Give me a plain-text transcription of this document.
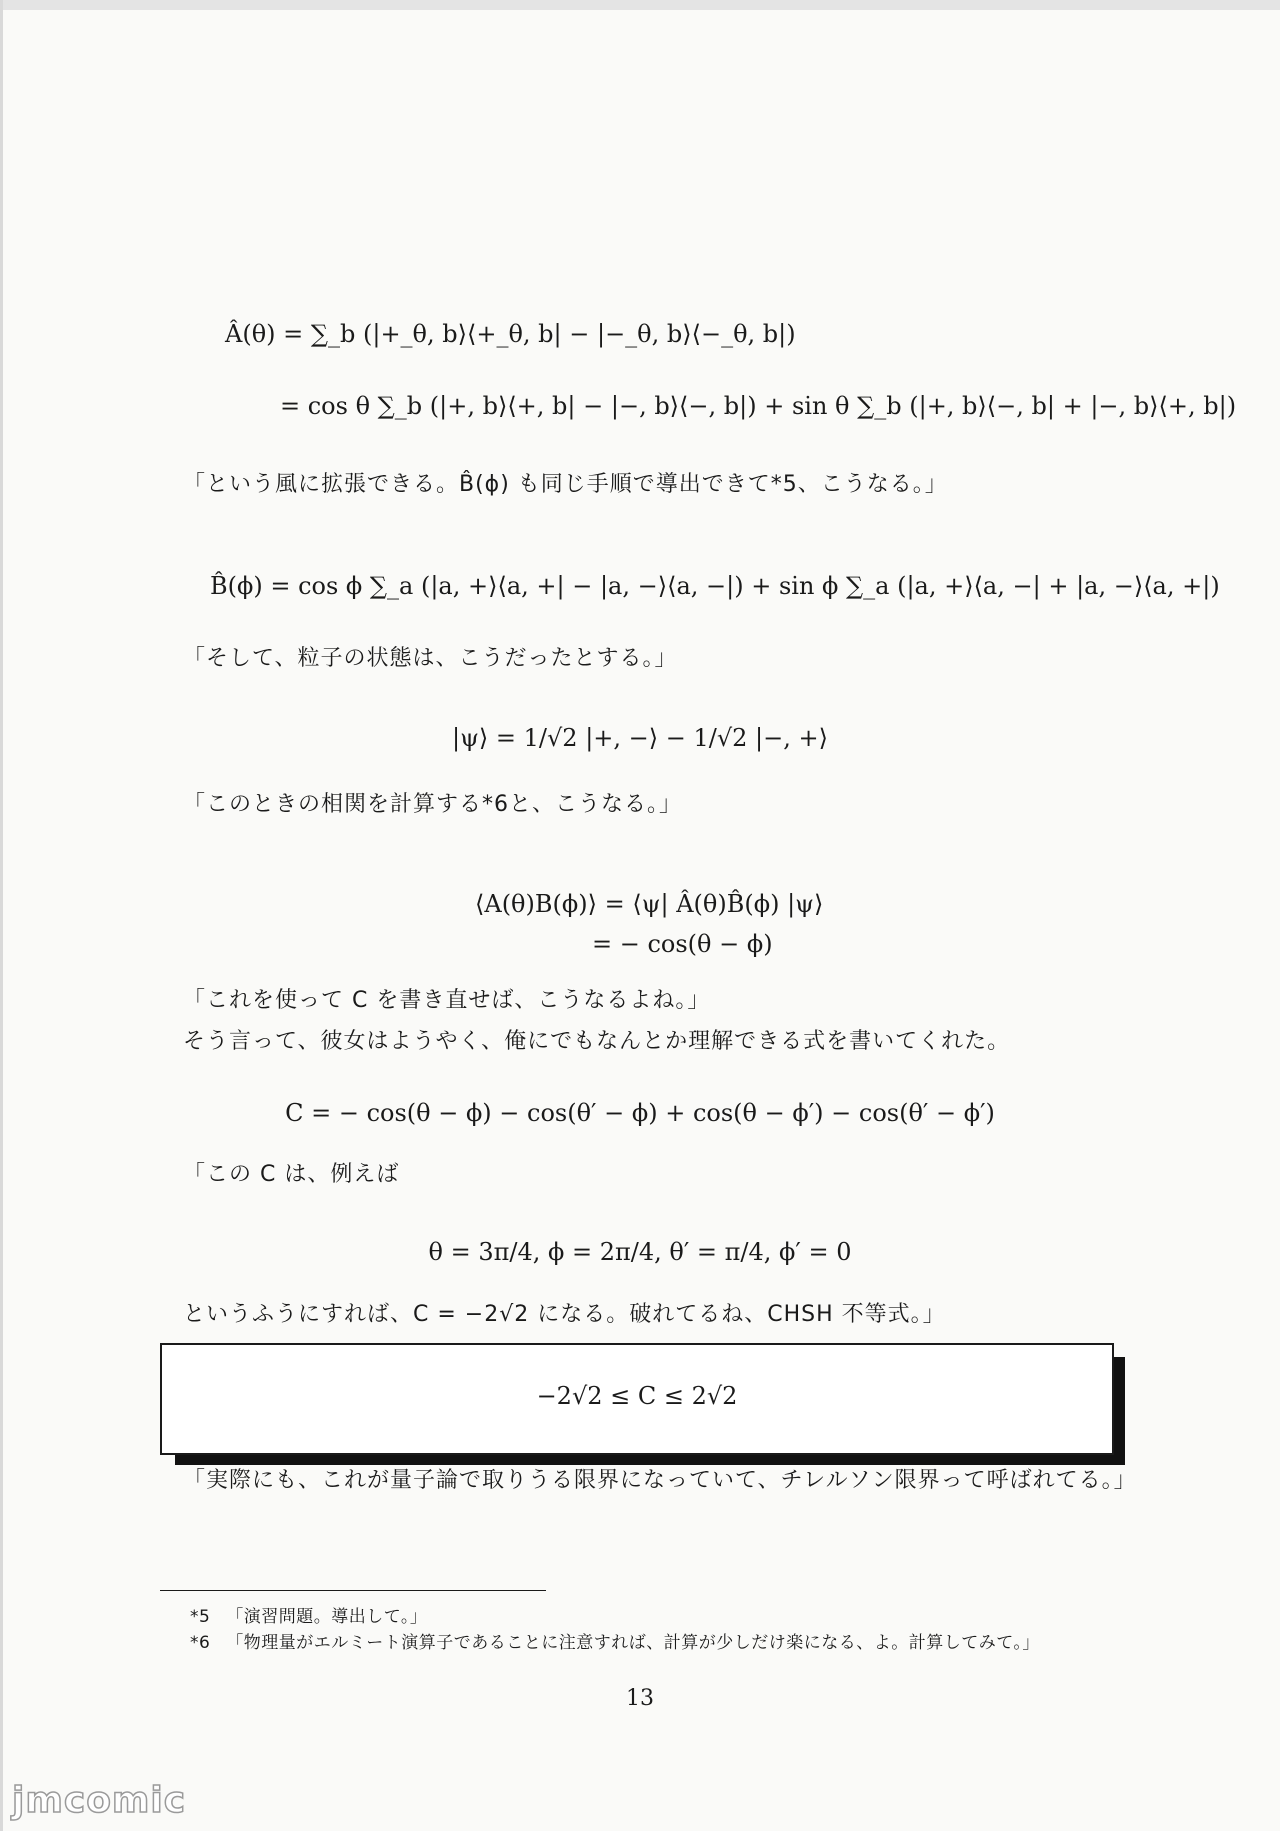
Â(θ) = ∑_b (|+_θ, b⟩⟨+_θ, b| − |−_θ, b⟩⟨−_θ, b|)
= cos θ ∑_b (|+, b⟩⟨+, b| − |−, b⟩⟨−, b|) + sin θ ∑_b (|+, b⟩⟨−, b| + |−, b⟩⟨+, b|)
「という風に拡張できる。B̂(ϕ) も同じ手順で導出できて*5、こうなる。」
B̂(ϕ) = cos ϕ ∑_a (|a, +⟩⟨a, +| − |a, −⟩⟨a, −|) + sin ϕ ∑_a (|a, +⟩⟨a, −| + |a, −⟩⟨a, +|)
「そして、粒子の状態は、こうだったとする。」
|ψ⟩ = 1/√2 |+, −⟩ − 1/√2 |−, +⟩
「このときの相関を計算する*6と、こうなる。」
⟨A(θ)B(ϕ)⟩ = ⟨ψ| Â(θ)B̂(ϕ) |ψ⟩
= − cos(θ − ϕ)
「これを使って C を書き直せば、こうなるよね。」
そう言って、彼女はようやく、俺にでもなんとか理解できる式を書いてくれた。
C = − cos(θ − ϕ) − cos(θ′ − ϕ) + cos(θ − ϕ′) − cos(θ′ − ϕ′)
「この C は、例えば
θ = 3π/4, ϕ = 2π/4, θ′ = π/4, ϕ′ = 0
というふうにすれば、C = −2√2 になる。破れてるね、CHSH 不等式。」
−2√2 ≤ C ≤ 2√2
「実際にも、これが量子論で取りうる限界になっていて、チレルソン限界って呼ばれてる。」
*5 「演習問題。導出して。」
*6 「物理量がエルミート演算子であることに注意すれば、計算が少しだけ楽になる、よ。計算してみて。」
13
jmcomic
